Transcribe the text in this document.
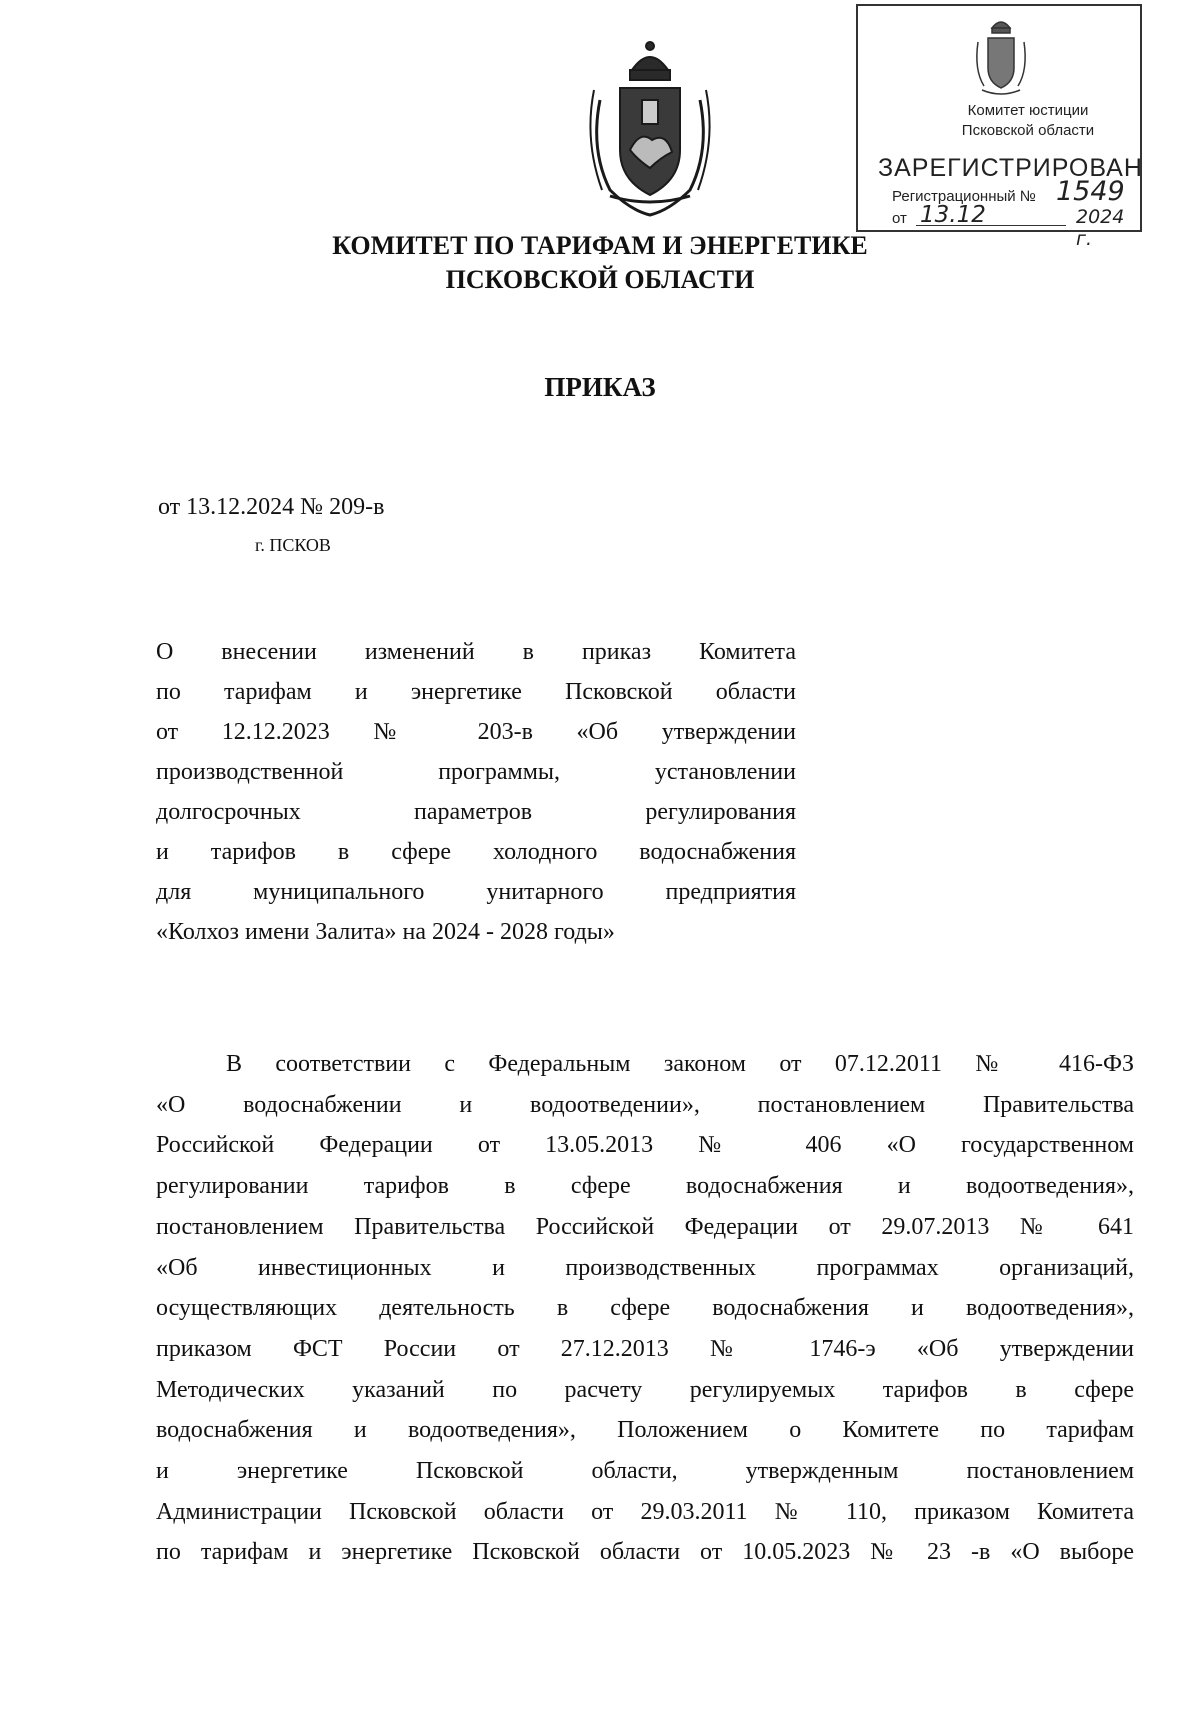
Комитет юстиции
Псковской области
ЗАРЕГИСТРИРОВАН
Регистрационный № 1549
от 13.12	2024 г.
КОМИТЕТ ПО ТАРИФАМ И ЭНЕРГЕТИКЕ
ПСКОВСКОЙ ОБЛАСТИ
ПРИКАЗ
от 13.12.2024 № 209-в
г. ПСКОВ
О внесении изменений в приказ Комитета
по тарифам и энергетике Псковской области
от 12.12.2023 № 203-в «Об утверждении
производственной программы, установлении
долгосрочных параметров регулирования
и тарифов в сфере холодного водоснабжения
для муниципального унитарного предприятия
«Колхоз имени Залита» на 2024 - 2028 годы»
В соответствии с Федеральным законом от 07.12.2011 № 416-ФЗ
«О водоснабжении и водоотведении», постановлением Правительства
Российской Федерации от 13.05.2013 № 406 «О государственном
регулировании тарифов в сфере водоснабжения и водоотведения»,
постановлением Правительства Российской Федерации от 29.07.2013 № 641
«Об инвестиционных и производственных программах организаций,
осуществляющих деятельность в сфере водоснабжения и водоотведения»,
приказом ФСТ России от 27.12.2013 № 1746-э «Об утверждении
Методических указаний по расчету регулируемых тарифов в сфере
водоснабжения и водоотведения», Положением о Комитете по тарифам
и энергетике Псковской области, утвержденным постановлением
Администрации Псковской области от 29.03.2011 № 110, приказом Комитета
по тарифам и энергетике Псковской области от 10.05.2023 № 23 -в «О выборе
